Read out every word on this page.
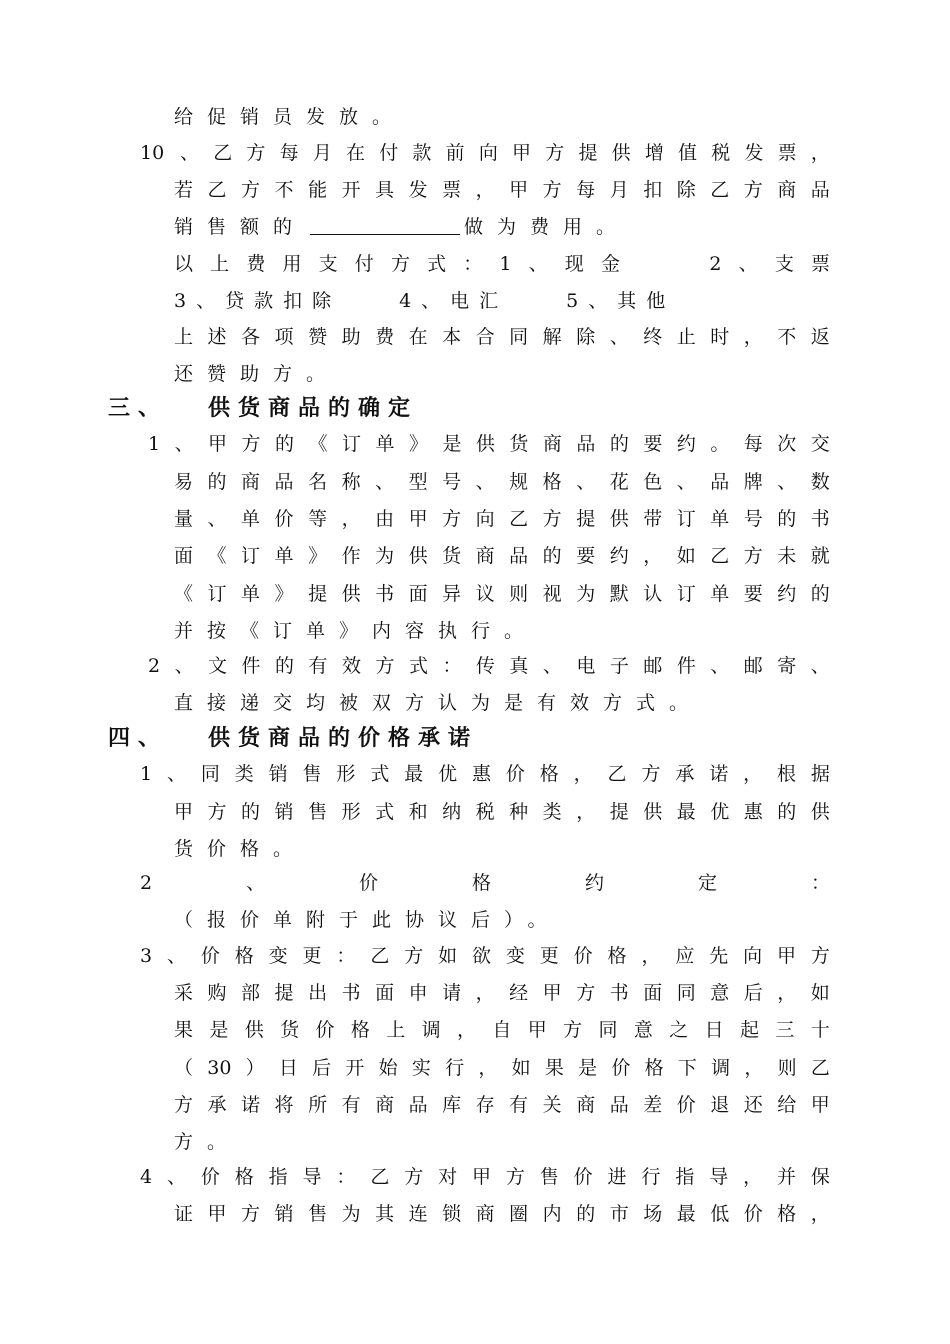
给促销员发放。
10 、 乙 方 每 月 在 付 款 前 向 甲 方 提 供 增 值 税 发 票 ，
若 乙 方 不 能 开 具 发 票 ， 甲 方 每 月 扣 除 乙 方 商 品
销售额的	做为费用。
以 上 费 用 支 付 方 式 ： 1 、 现 金

　	2 、 支 票
3、贷款扣除　　4、电汇　　5、其他
上 述 各 项 赞 助 费 在 本 合 同 解 除 、 终 止 时 ， 不 返
还赞助方。
三、 供货商品的确定
1 、 甲 方 的 《 订 单 》 是 供 货 商 品 的 要 约 。 每 次 交
易 的 商 品 名 称 、 型 号 、 规 格 、 花 色 、 品 牌 、 数
量 、 单 价 等 ， 由 甲 方 向 乙 方 提 供 带 订 单 号 的 书
面 《 订 单 》 作 为 供 货 商 品 的 要 约 ， 如 乙 方 未 就
《 订 单 》 提 供 书 面 异 议 则 视 为 默 认 订 单 要 约 的
并按《订单》内容执行。
2 、 文 件 的 有 效 方 式 ： 传 真 、 电 子 邮 件 、 邮 寄 、
直接递交均被双方认为是有效方式。
四、 供货商品的价格承诺
1 、 同 类 销 售 形 式 最 优 惠 价 格 ， 乙 方 承 诺 ， 根 据
甲 方 的 销 售 形 式 和 纳 税 种 类 ， 提 供 最 优 惠 的 供
货价格。
2	、	价	格	约	定	：
（报价单附于此协议后）。
3 、 价 格 变 更 ： 乙 方 如 欲 变 更 价 格 ， 应 先 向 甲 方
采 购 部 提 出 书 面 申 请 ， 经 甲 方 书 面 同 意 后 ， 如
果 是 供 货 价 格 上 调 ， 自 甲 方 同 意 之 日 起 三 十
（ 30 ） 日 后 开 始 实 行 ， 如 果 是 价 格 下 调 ， 则 乙
方 承 诺 将 所 有 商 品 库 存 有 关 商 品 差 价 退 还 给 甲
方。
4 、 价 格 指 导 ： 乙 方 对 甲 方 售 价 进 行 指 导 ， 并 保
证 甲 方 销 售 为 其 连 锁 商 圈 内 的 市 场 最 低 价 格 ，
